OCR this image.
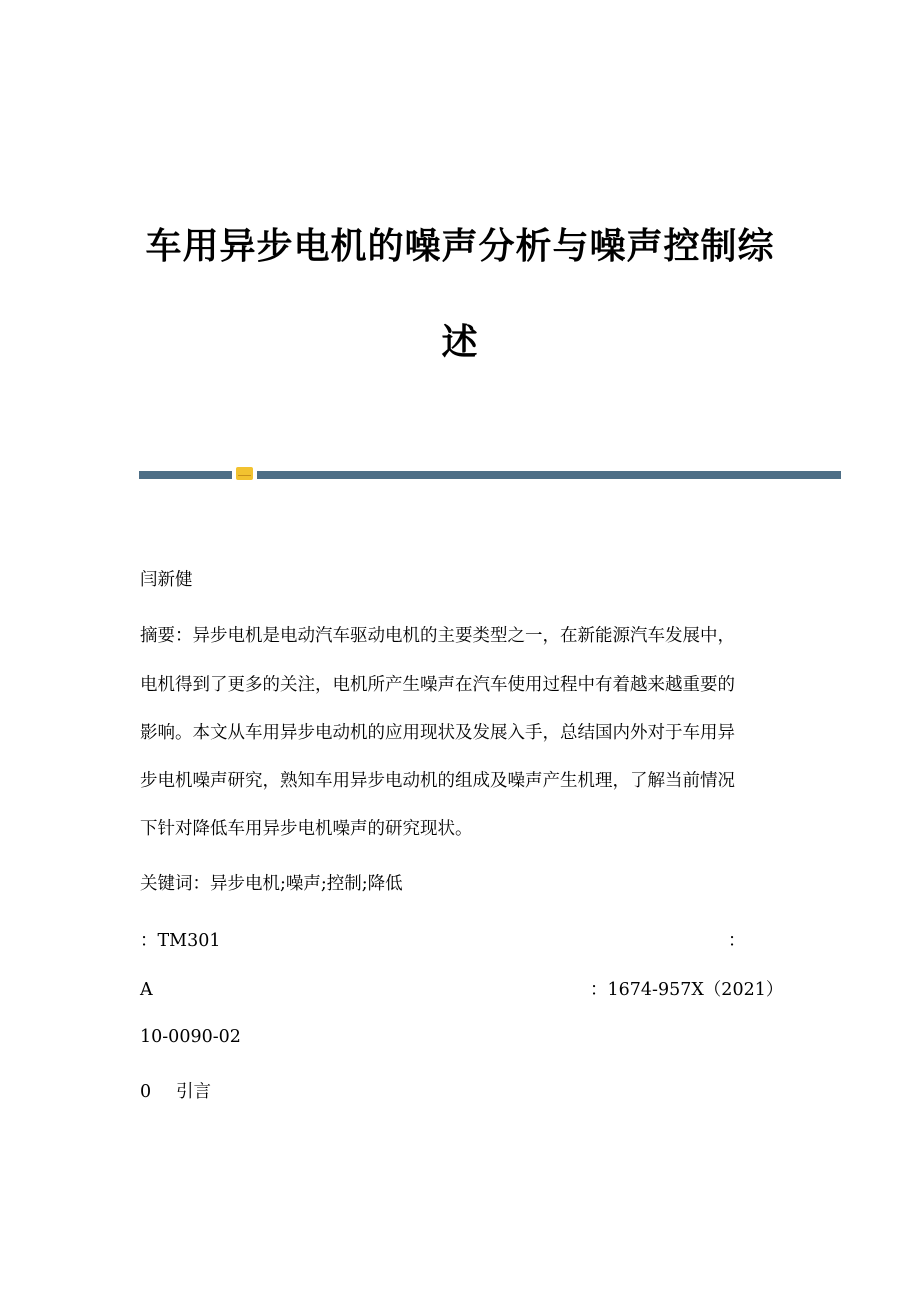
车用异步电机的噪声分析与噪声控制综
述
闫新健
摘要：异步电机是电动汽车驱动电机的主要类型之一，在新能源汽车发展中，
电机得到了更多的关注，电机所产生噪声在汽车使用过程中有着越来越重要的
影响。本文从车用异步电动机的应用现状及发展入手，总结国内外对于车用异
步电机噪声研究，熟知车用异步电动机的组成及噪声产生机理，了解当前情况
下针对降低车用异步电机噪声的研究现状。
关键词：异步电机;噪声;控制;降低
：TM301	：
A	：1674-957X（2021）
10-0090-02
0 引言
